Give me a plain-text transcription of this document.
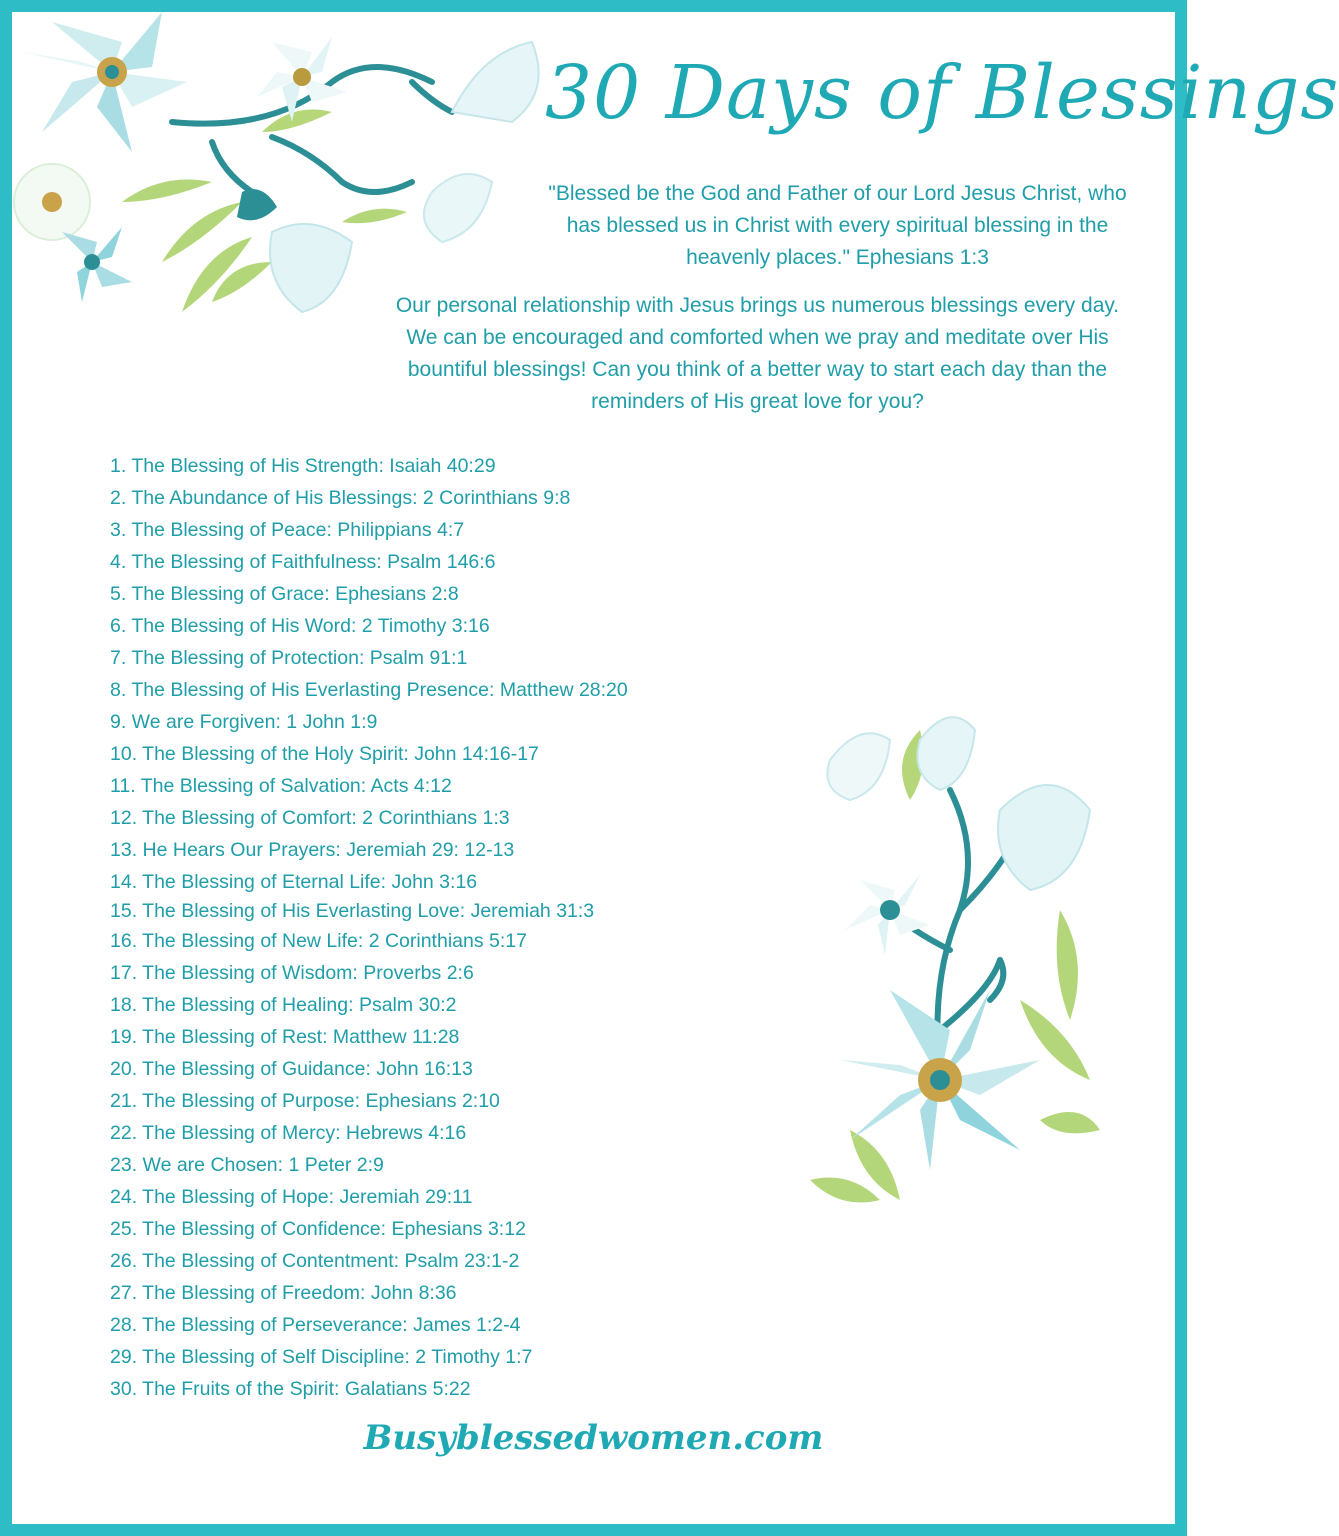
30 Days of Blessings
"Blessed be the God and Father of our Lord Jesus Christ, who has blessed us in Christ with every spiritual blessing in the heavenly places." Ephesians 1:3
Our personal relationship with Jesus brings us numerous blessings every day. We can be encouraged and comforted when we pray and meditate over His bountiful blessings! Can you think of a better way to start each day than the reminders of His great love for you?
1. The Blessing of His Strength: Isaiah 40:29
2. The Abundance of His Blessings: 2 Corinthians 9:8
3. The Blessing of Peace: Philippians 4:7
4. The Blessing of Faithfulness: Psalm 146:6
5. The Blessing of Grace: Ephesians 2:8
6. The Blessing of His Word: 2 Timothy 3:16
7. The Blessing of Protection: Psalm 91:1
8. The Blessing of His Everlasting Presence: Matthew 28:20
9. We are Forgiven: 1 John 1:9
10. The Blessing of the Holy Spirit: John 14:16-17
11. The Blessing of Salvation: Acts 4:12
12. The Blessing of Comfort: 2 Corinthians 1:3
13. He Hears Our Prayers: Jeremiah 29: 12-13
14. The Blessing of Eternal Life: John 3:16
15. The Blessing of His Everlasting Love: Jeremiah 31:3
16. The Blessing of New Life: 2 Corinthians 5:17
17. The Blessing of Wisdom: Proverbs 2:6
18. The Blessing of Healing: Psalm 30:2
19. The Blessing of Rest: Matthew 11:28
20. The Blessing of Guidance: John 16:13
21. The Blessing of Purpose: Ephesians 2:10
22. The Blessing of Mercy: Hebrews 4:16
23. We are Chosen: 1 Peter 2:9
24. The Blessing of Hope: Jeremiah 29:11
25. The Blessing of Confidence: Ephesians 3:12
26. The Blessing of Contentment: Psalm 23:1-2
27. The Blessing of Freedom: John 8:36
28. The Blessing of Perseverance: James 1:2-4
29. The Blessing of Self Discipline: 2 Timothy 1:7
30. The Fruits of the Spirit: Galatians 5:22
Busyblessedwomen.com
